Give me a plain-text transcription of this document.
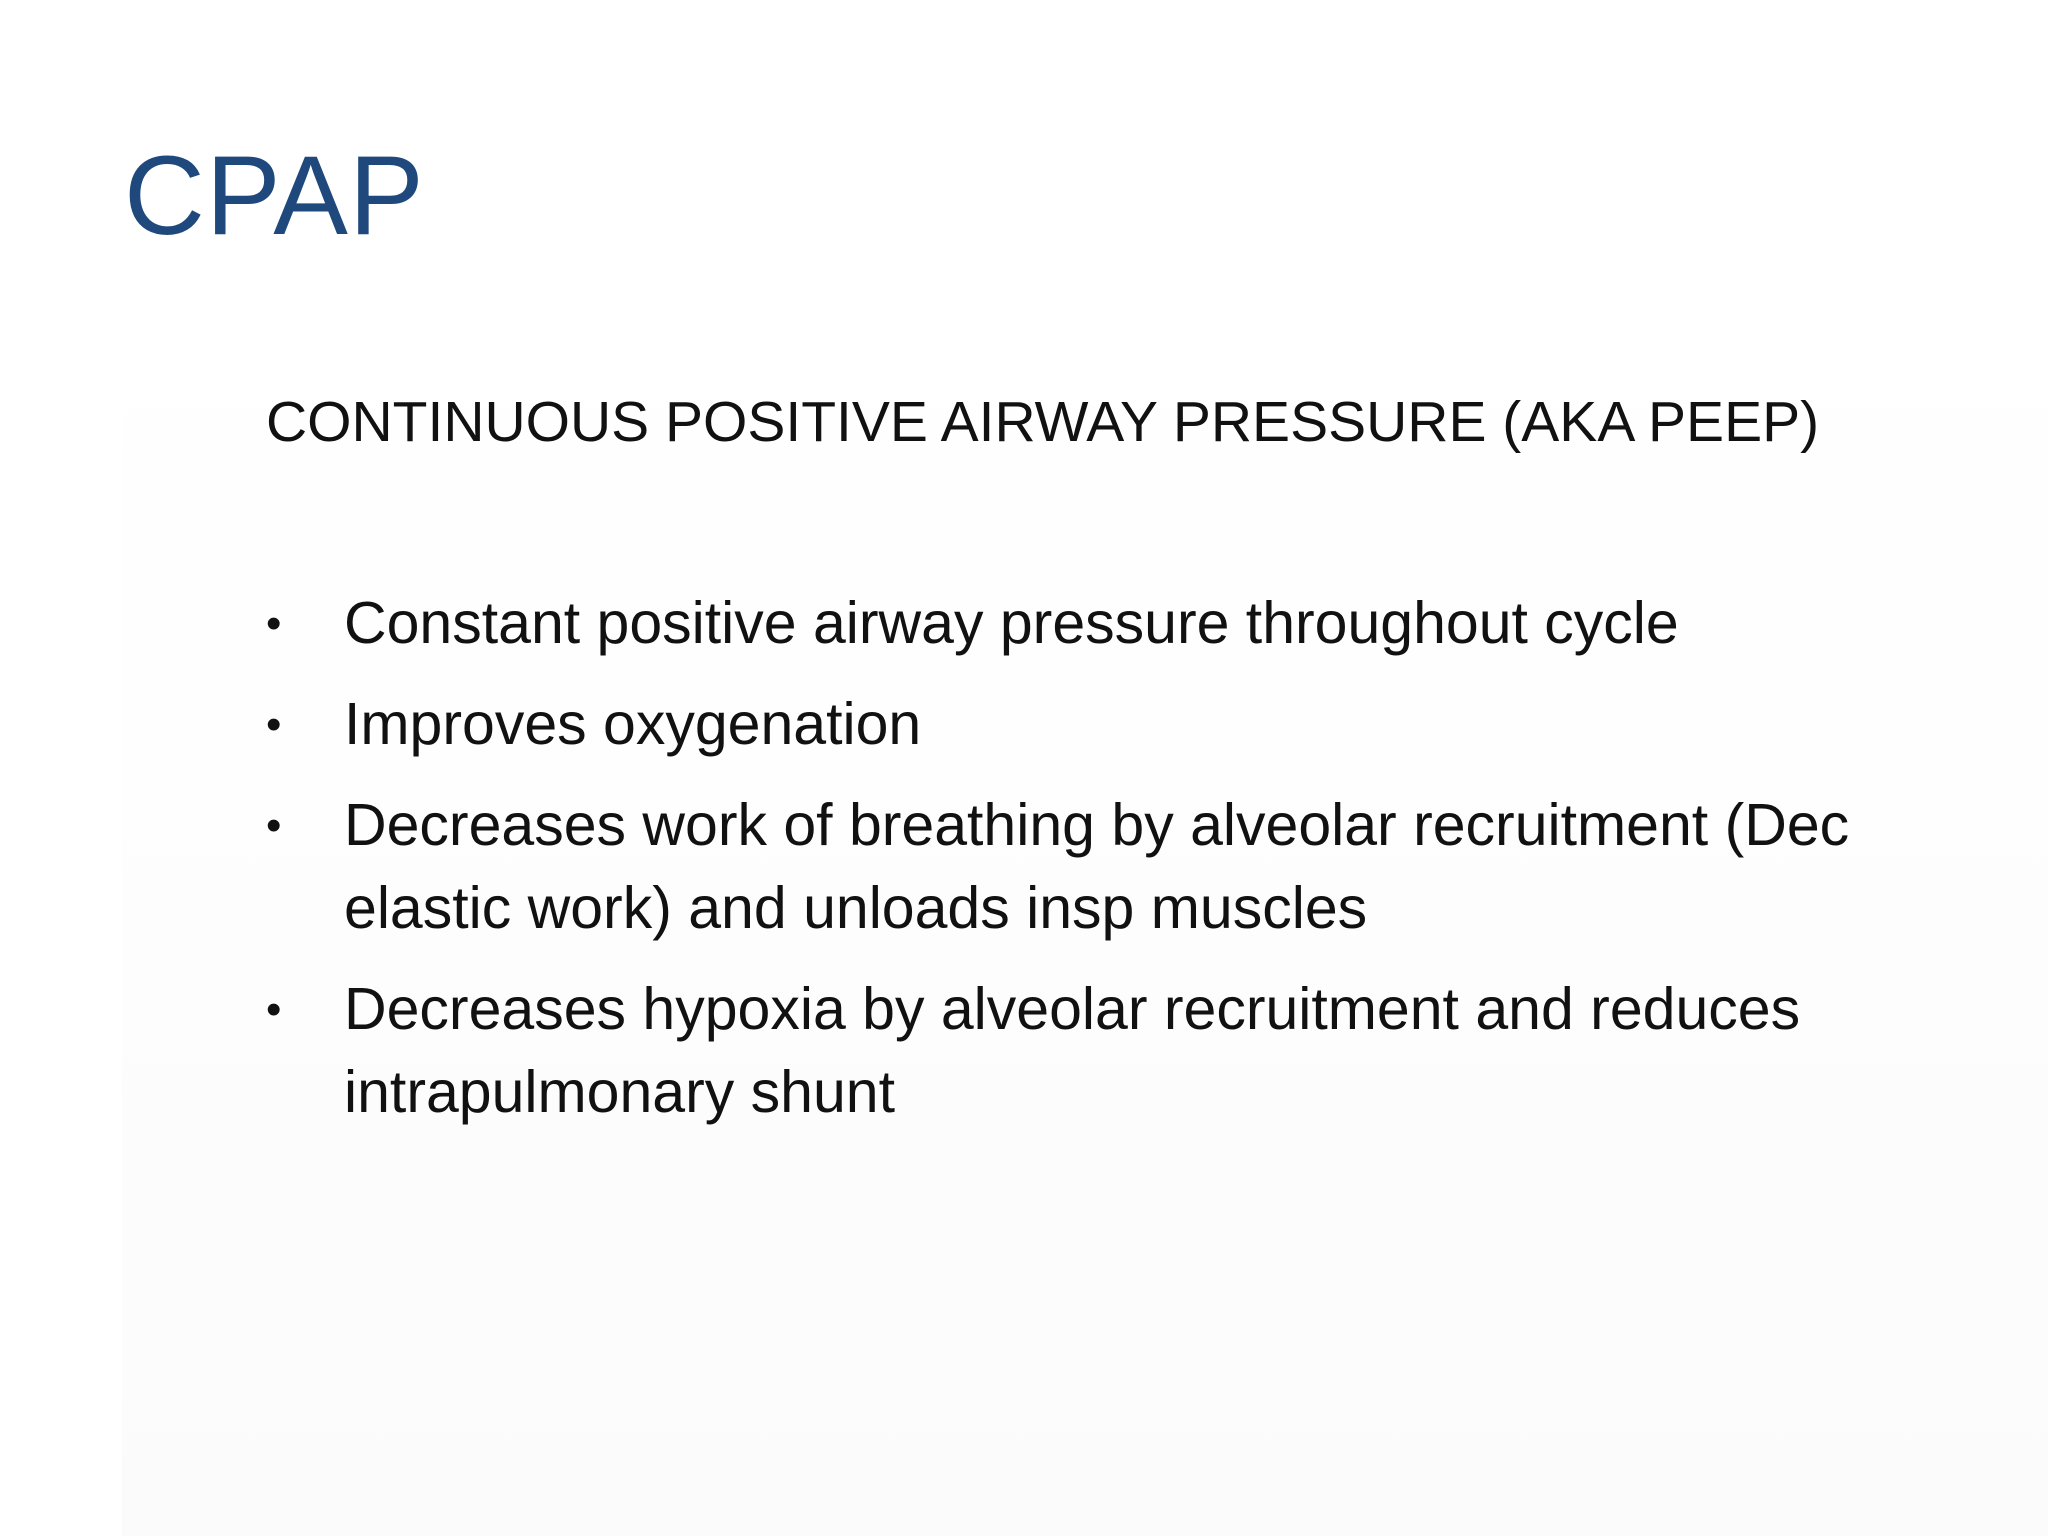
CPAP

CONTINUOUS POSITIVE AIRWAY PRESSURE (AKA PEEP)

•	Constant positive airway pressure throughout cycle
•	Improves oxygenation
•	Decreases work of breathing by alveolar recruitment (Dec elastic work) and unloads insp muscles
•	Decreases hypoxia by alveolar recruitment and reduces intrapulmonary shunt
